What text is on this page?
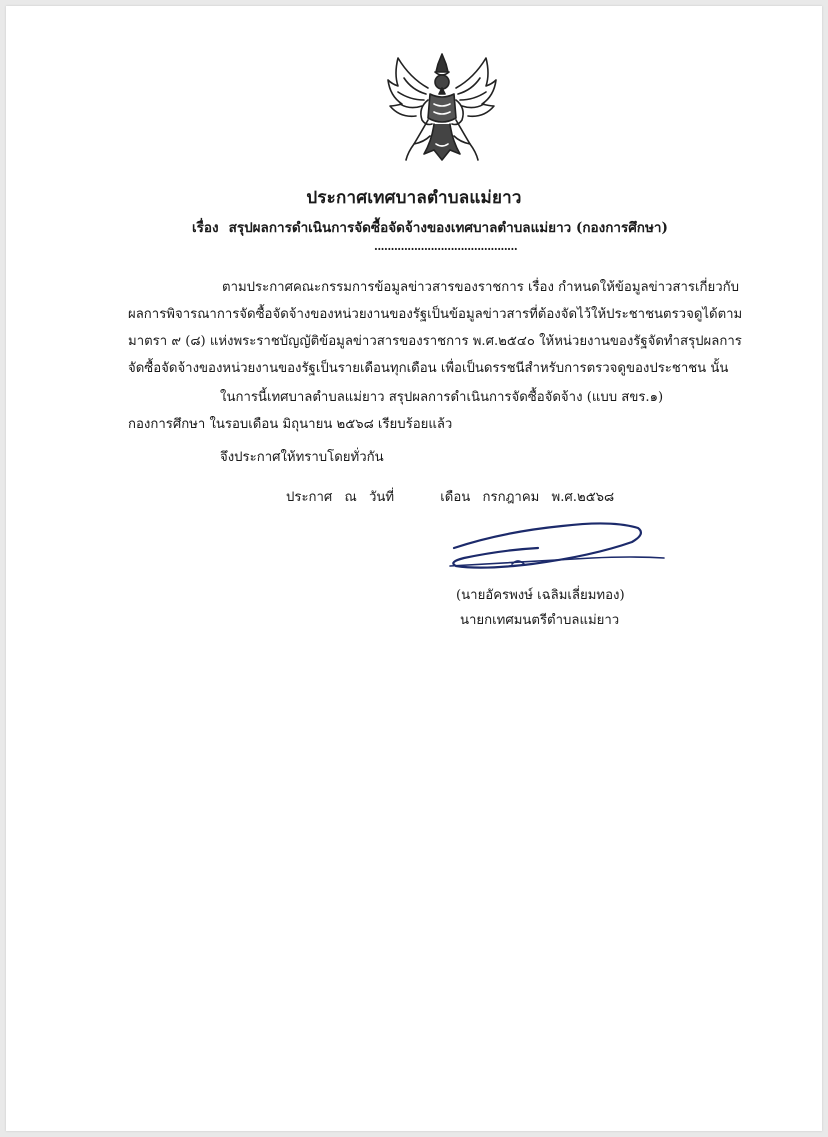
ประกาศเทศบาลตำบลแม่ยาว
เรื่อง สรุปผลการดำเนินการจัดซื้อจัดจ้างของเทศบาลตำบลแม่ยาว (กองการศึกษา)
...........................................
ตามประกาศคณะกรรมการข้อมูลข่าวสารของราชการ เรื่อง กำหนดให้ข้อมูลข่าวสารเกี่ยวกับ
ผลการพิจารณาการจัดซื้อจัดจ้างของหน่วยงานของรัฐเป็นข้อมูลข่าวสารที่ต้องจัดไว้ให้ประชาชนตรวจดูได้ตาม
มาตรา ๙ (๘) แห่งพระราชบัญญัติข้อมูลข่าวสารของราชการ พ.ศ.๒๕๔๐ ให้หน่วยงานของรัฐจัดทำสรุปผลการ
จัดซื้อจัดจ้างของหน่วยงานของรัฐเป็นรายเดือนทุกเดือน เพื่อเป็นดรรชนีสำหรับการตรวจดูของประชาชน นั้น
ในการนี้เทศบาลตำบลแม่ยาว สรุปผลการดำเนินการจัดซื้อจัดจ้าง (แบบ สขร.๑)
กองการศึกษา ในรอบเดือน มิถุนายน ๒๕๖๘ เรียบร้อยแล้ว
จึงประกาศให้ทราบโดยทั่วกัน
ประกาศ ณ วันที่	เดือน กรกฎาคม พ.ศ.๒๕๖๘
(นายอัครพงษ์ เฉลิมเลี่ยมทอง)
นายกเทศมนตรีตำบลแม่ยาว
